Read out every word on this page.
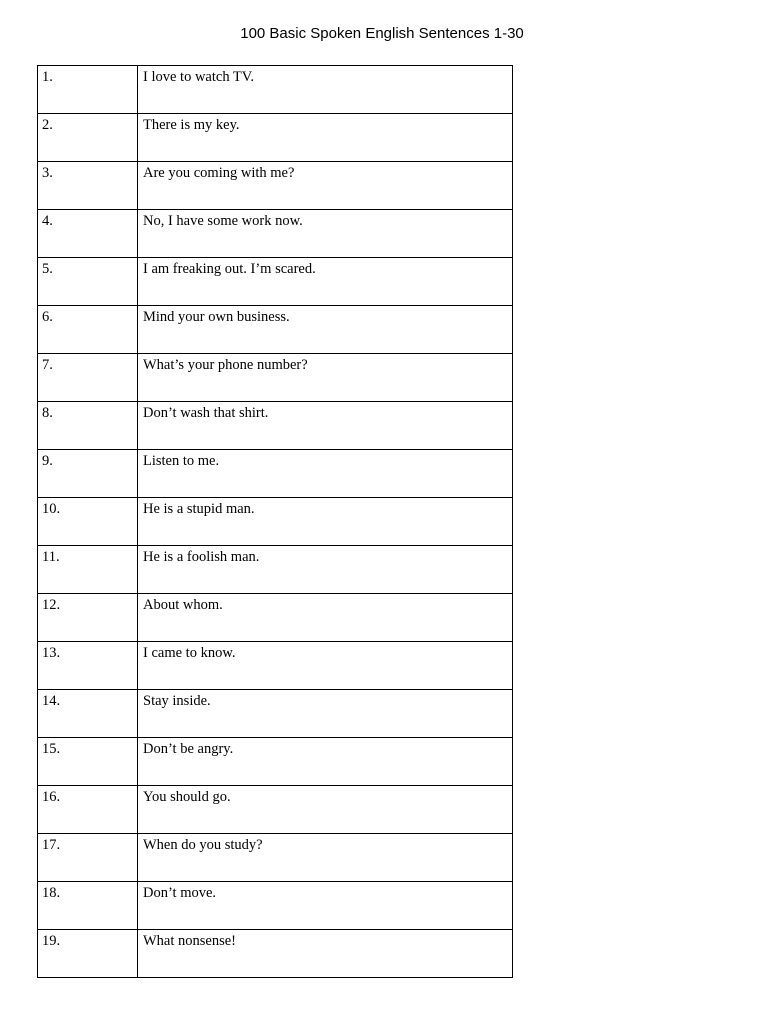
100 Basic Spoken English Sentences 1-30
1.	I love to watch TV.
2.	There is my key.
3.	Are you coming with me?
4.	No, I have some work now.
5.	I am freaking out. I’m scared.
6.	Mind your own business.
7.	What’s your phone number?
8.	Don’t wash that shirt.
9.	Listen to me.
10.	He is a stupid man.
11.	He is a foolish man.
12.	About whom.
13.	I came to know.
14.	Stay inside.
15.	Don’t be angry.
16.	You should go.
17.	When do you study?
18.	Don’t move.
19.	What nonsense!
